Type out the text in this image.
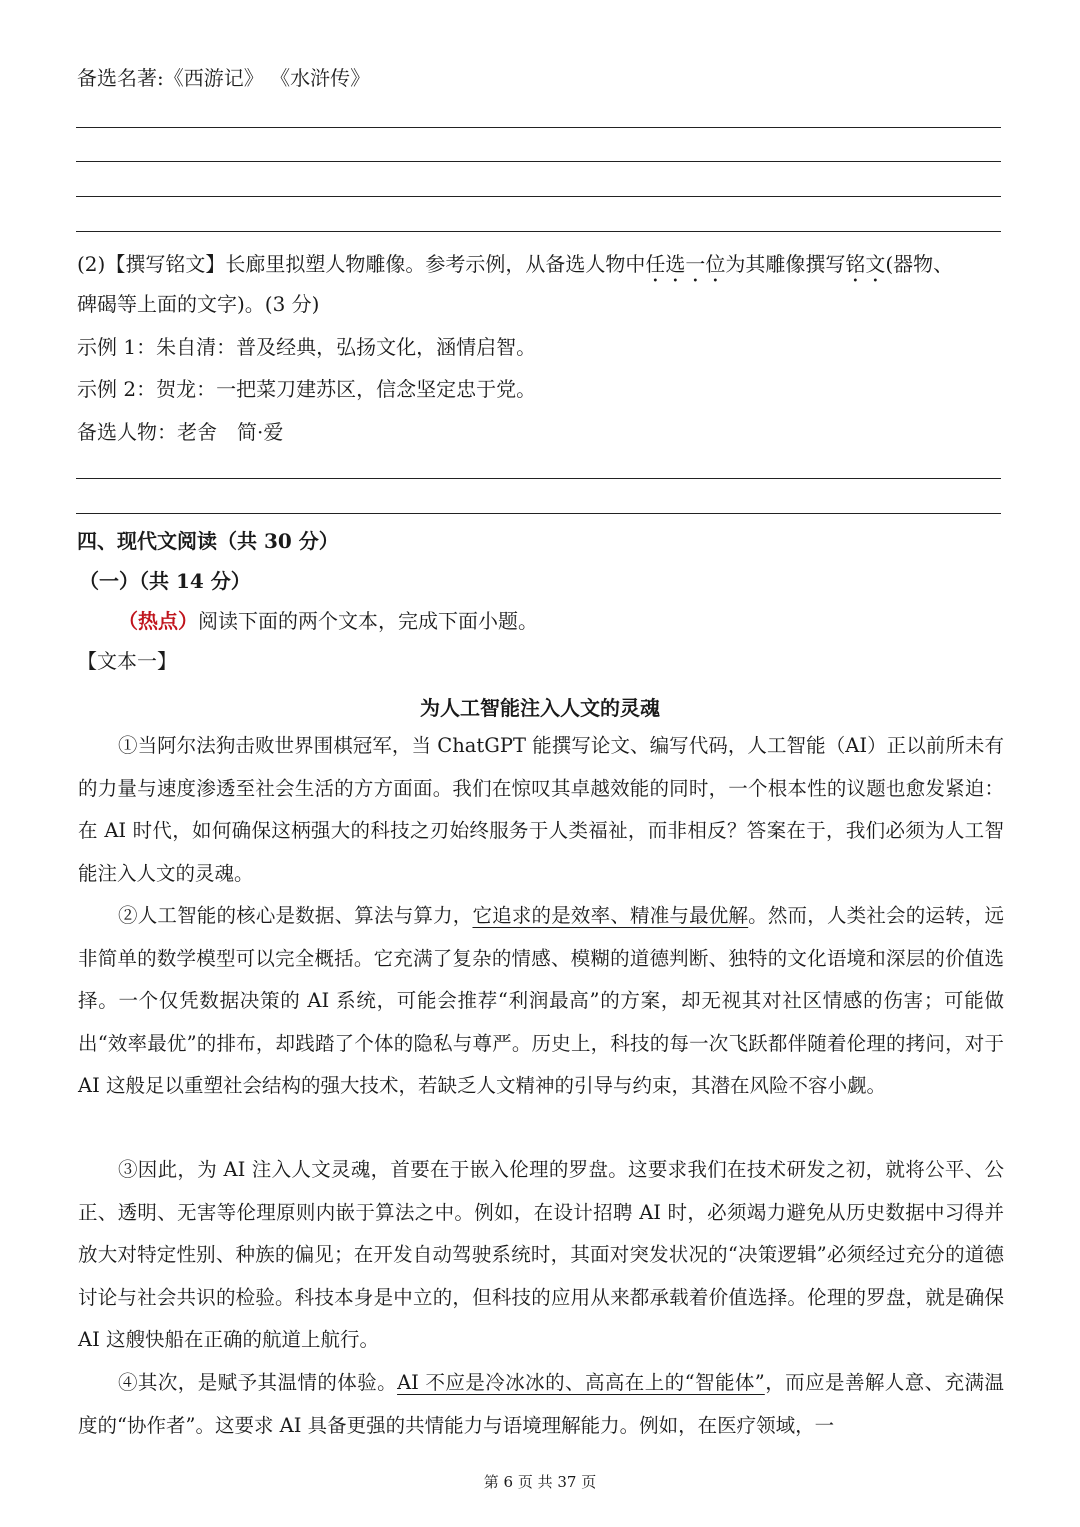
备选名著:《西游记》 《水浒传》
(2)【撰写铭文】长廊里拟塑人物雕像。参考示例，从备选人物中任选一位为其雕像撰写铭文(器物、
碑碣等上面的文字)。(3 分)
示例 1：朱自清：普及经典，弘扬文化，涵情启智。
示例 2：贺龙：一把菜刀建苏区，信念坚定忠于党。
备选人物：老舍　简·爱
四、现代文阅读（共 30 分）
（一）（共 14 分）
（热点）阅读下面的两个文本，完成下面小题。
【文本一】
为人工智能注入人文的灵魂
①当阿尔法狗击败世界围棋冠军，当 ChatGPT 能撰写论文、编写代码，人工智能（AI）正以前所未有的力量与速度渗透至社会生活的方方面面。我们在惊叹其卓越效能的同时，一个根本性的议题也愈发紧迫：在 AI 时代，如何确保这柄强大的科技之刃始终服务于人类福祉，而非相反？答案在于，我们必须为人工智能注入人文的灵魂。
②人工智能的核心是数据、算法与算力，它追求的是效率、精准与最优解。然而，人类社会的运转，远非简单的数学模型可以完全概括。它充满了复杂的情感、模糊的道德判断、独特的文化语境和深层的价值选择。一个仅凭数据决策的 AI 系统，可能会推荐“利润最高”的方案，却无视其对社区情感的伤害；可能做出“效率最优”的排布，却践踏了个体的隐私与尊严。历史上，科技的每一次飞跃都伴随着伦理的拷问，对于 AI 这般足以重塑社会结构的强大技术，若缺乏人文精神的引导与约束，其潜在风险不容小觑。
③因此，为 AI 注入人文灵魂，首要在于嵌入伦理的罗盘。这要求我们在技术研发之初，就将公平、公正、透明、无害等伦理原则内嵌于算法之中。例如，在设计招聘 AI 时，必须竭力避免从历史数据中习得并放大对特定性别、种族的偏见；在开发自动驾驶系统时，其面对突发状况的“决策逻辑”必须经过充分的道德讨论与社会共识的检验。科技本身是中立的，但科技的应用从来都承载着价值选择。伦理的罗盘，就是确保 AI 这艘快船在正确的航道上航行。
④其次，是赋予其温情的体验。AI 不应是冷冰冰的、高高在上的“智能体”，而应是善解人意、充满温度的“协作者”。这要求 AI 具备更强的共情能力与语境理解能力。例如，在医疗领域，一
第 6 页 共 37 页
